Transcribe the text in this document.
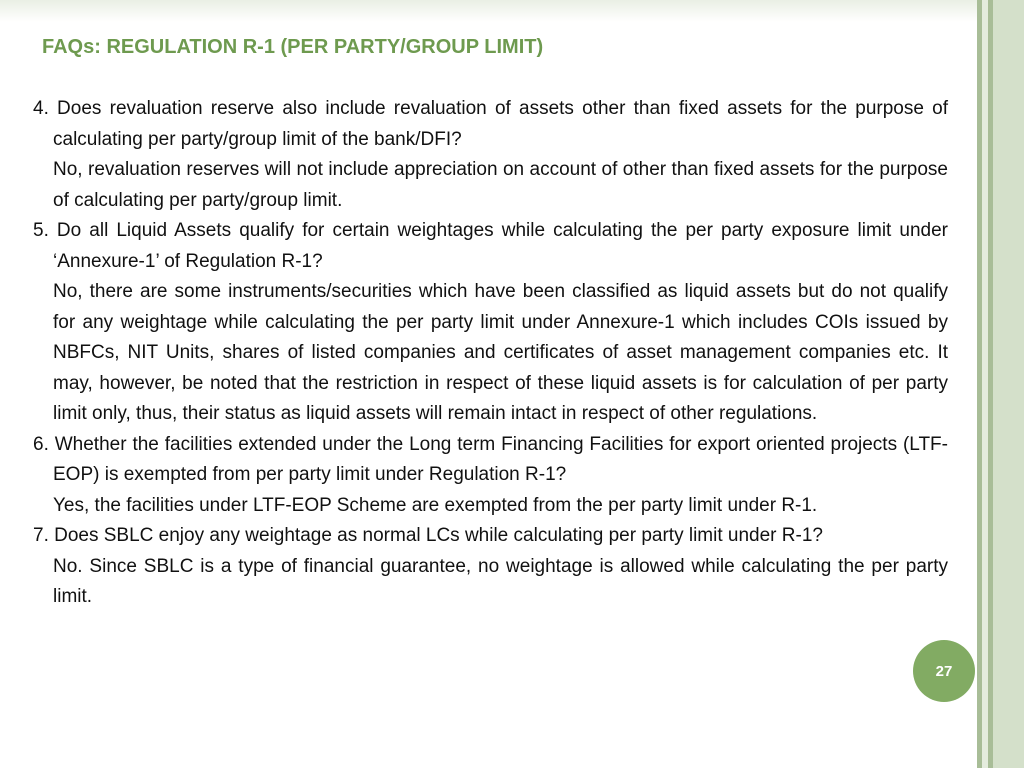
FAQs: REGULATION R-1 (PER PARTY/GROUP LIMIT)

4. Does revaluation reserve also include revaluation of assets other than fixed assets for the purpose of calculating per party/group limit of the bank/DFI?

No, revaluation reserves will not include appreciation on account of other than fixed assets for the purpose of calculating per party/group limit.

5. Do all Liquid Assets qualify for certain weightages while calculating the per party exposure limit under ‘Annexure-1’ of Regulation R-1?

No, there are some instruments/securities which have been classified as liquid assets but do not qualify for any weightage while calculating the per party limit under Annexure-1 which includes COIs issued by NBFCs, NIT Units, shares of listed companies and certificates of asset management companies etc. It may, however, be noted that the restriction in respect of these liquid assets is for calculation of per party limit only, thus, their status as liquid assets will remain intact in respect of other regulations.

6. Whether the facilities extended under the Long term Financing Facilities for export oriented projects (LTF-EOP) is exempted from per party limit under Regulation R-1?

Yes, the facilities under LTF-EOP Scheme are exempted from the per party limit under R-1.

7. Does SBLC enjoy any weightage as normal LCs while calculating per party limit under R-1?

No. Since SBLC is a type of financial guarantee, no weightage is allowed while calculating the per party limit.

27
